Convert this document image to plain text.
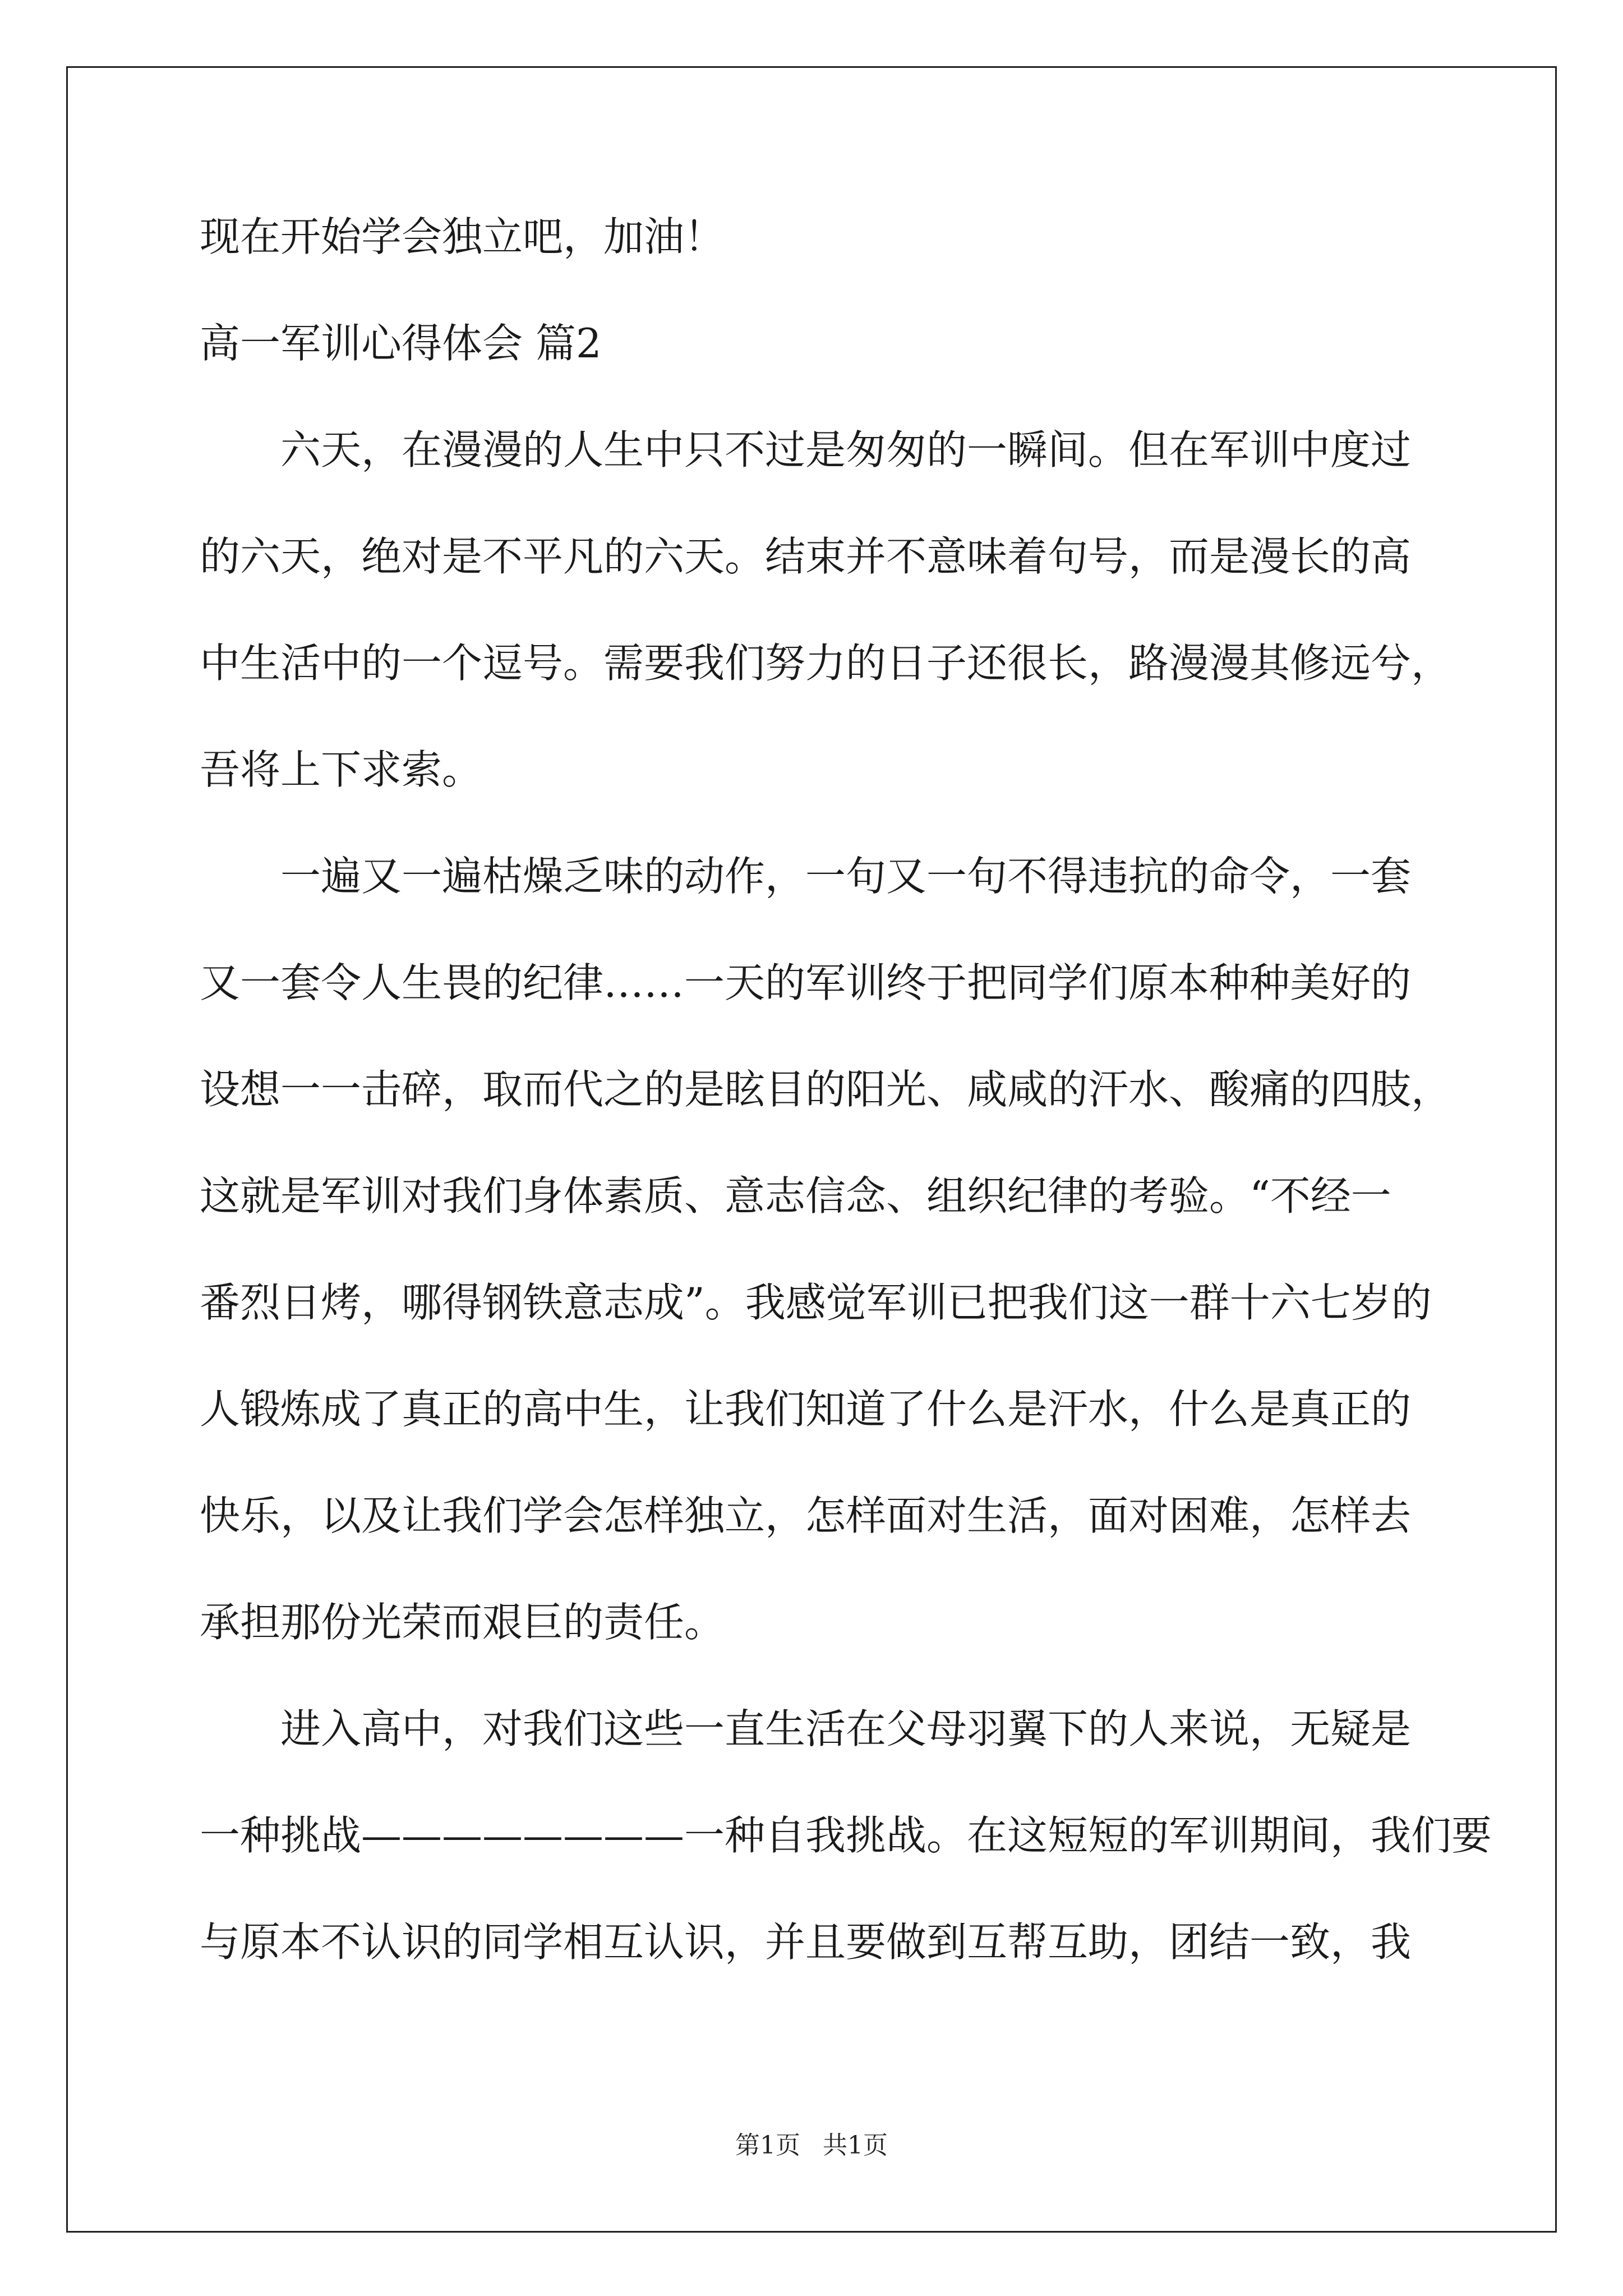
现在开始学会独立吧，加油！
高一军训心得体会 篇2
　　六天，在漫漫的人生中只不过是匆匆的一瞬间。但在军训中度过
的六天，绝对是不平凡的六天。结束并不意味着句号，而是漫长的高
中生活中的一个逗号。需要我们努力的日子还很长，路漫漫其修远兮，
吾将上下求索。
　　一遍又一遍枯燥乏味的动作，一句又一句不得违抗的命令，一套
又一套令人生畏的纪律……一天的军训终于把同学们原本种种美好的
设想一一击碎，取而代之的是眩目的阳光、咸咸的汗水、酸痛的四肢，
这就是军训对我们身体素质、意志信念、组织纪律的考验。“不经一
番烈日烤，哪得钢铁意志成”。我感觉军训已把我们这一群十六七岁的
人锻炼成了真正的高中生，让我们知道了什么是汗水，什么是真正的
快乐，以及让我们学会怎样独立，怎样面对生活，面对困难，怎样去
承担那份光荣而艰巨的责任。
　　进入高中，对我们这些一直生活在父母羽翼下的人来说，无疑是
一种挑战————————一种自我挑战。在这短短的军训期间，我们要
与原本不认识的同学相互认识，并且要做到互帮互助，团结一致，我
第1页 共1页
